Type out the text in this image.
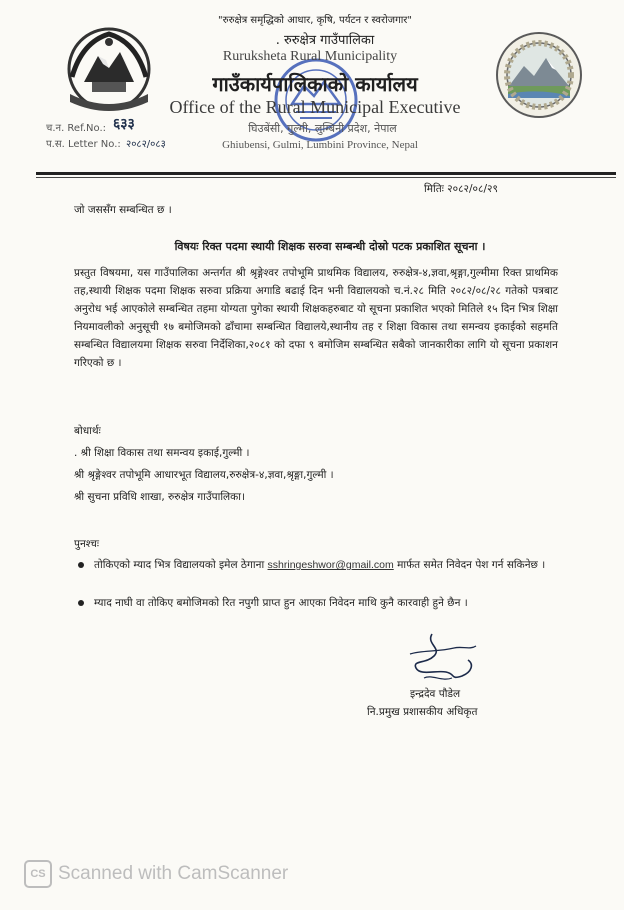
"रुरुक्षेत्र समृद्धिको आधार, कृषि, पर्यटन र स्वरोजगार"
. रुरुक्षेत्र गाउँपालिका
Ruruksheta Rural Municipality
गाउँकार्यपालिकाको कार्यालय
Office of the Rural Municipal Executive
घिउबेंसी, गुल्मी, लुम्बिनी प्रदेश, नेपाल
Ghiubensi, Gulmi, Lumbini Province, Nepal
च.न. Ref.No.: ६३३
प.स. Letter No.: २०८२/०८३
मितिः २०८२/०८/२९
जो जससँग सम्बन्धित छ ।
विषयः रिक्त पदमा स्थायी शिक्षक सरुवा सम्बन्धी दोस्रो पटक प्रकाशित सूचना ।
प्रस्तुत विषयमा, यस गाउँपालिका अन्तर्गत श्री श्रृङ्गेश्वर तपोभूमि प्राथमिक विद्यालय, रुरुक्षेत्र-४,ज्ञवा,श्रृङ्गा,गुल्मीमा रिक्त प्राथमिक तह,स्थायी शिक्षक पदमा शिक्षक सरुवा प्रक्रिया अगाडि बढाई दिन भनी विद्यालयको च.नं.२८ मिति २०८२/०८/२८ गतेको पत्रबाट अनुरोध भई आएकोले सम्बन्धित तहमा योग्यता पुगेका स्थायी शिक्षकहरुबाट यो सूचना प्रकाशित भएको मितिले १५ दिन भित्र शिक्षा नियमावलीको अनुसूची १७ बमोजिमको ढाँचामा सम्बन्धित विद्यालये,स्थानीय तह र शिक्षा विकास तथा समन्वय इकाईको सहमति सम्बन्धित विद्यालयमा शिक्षक सरुवा निर्देशिका,२०८१ को दफा ९ बमोजिम सम्बन्धित सबैको जानकारीका लागि यो सूचना प्रकाशन गरिएको छ ।
बोधार्थः
. श्री शिक्षा विकास तथा समन्वय इकाई,गुल्मी ।
श्री श्रृङ्गेश्वर तपोभूमि आधारभूत विद्यालय,रुरुक्षेत्र-४,ज्ञवा,श्रृङ्गा,गुल्मी ।
श्री सुचना प्रविधि शाखा, रुरुक्षेत्र गाउँपालिका।
पुनश्चः
तोकिएको म्याद भित्र विद्यालयको इमेल ठेगाना sshringeshwor@gmail.com मार्फत समेत निवेदन पेश गर्न सकिनेछ ।
म्याद नाघी वा तोकिए बमोजिमको रित नपुगी प्राप्त हुन आएका निवेदन माथि कुनै कारवाही हुने छैन ।
इन्द्रदेव पौडेल
नि.प्रमुख प्रशासकीय अधिकृत
CS Scanned with CamScanner
